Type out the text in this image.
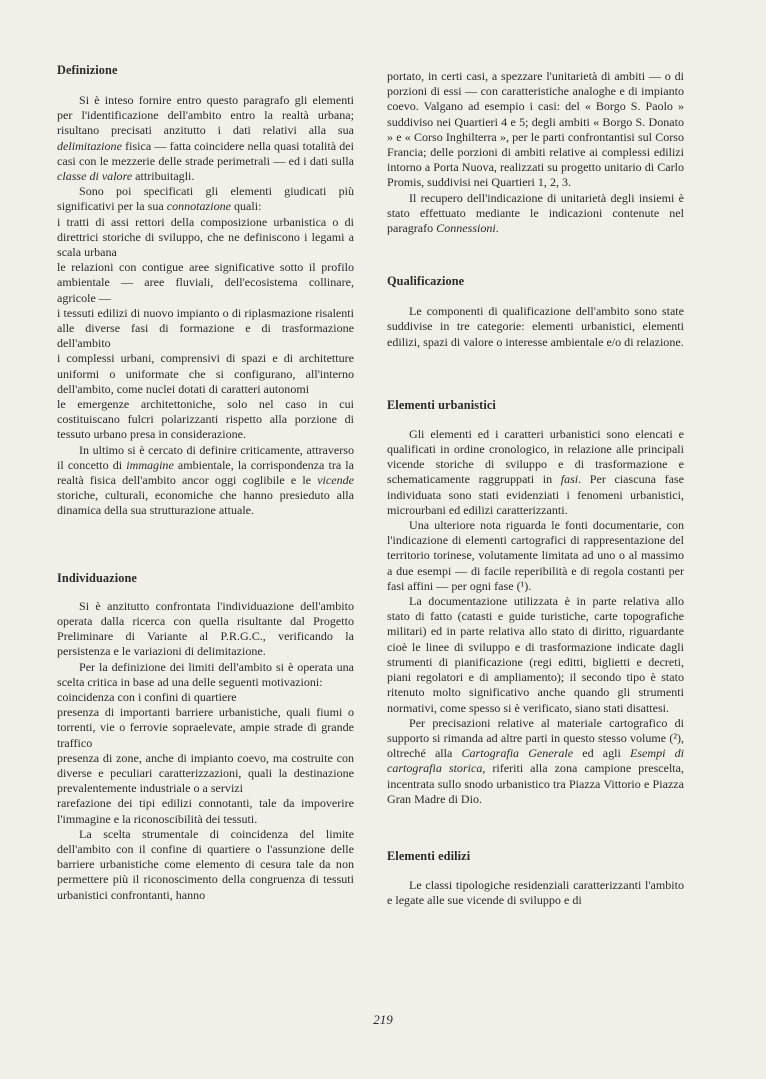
Definizione

Si è inteso fornire entro questo paragrafo gli elementi per l'identificazione dell'ambito entro la realtà urbana; risultano precisati anzitutto i dati relativi alla sua delimitazione fisica — fatta coincidere nella quasi totalità dei casi con le mezzerie delle strade perimetrali — ed i dati sulla classe di valore attribuitagli.

Sono poi specificati gli elementi giudicati più significativi per la sua connotazione quali:

i tratti di assi rettori della composizione urbanistica o di direttrici storiche di sviluppo, che ne definiscono i legami a scala urbana

le relazioni con contigue aree significative sotto il profilo ambientale — aree fluviali, dell'ecosistema collinare, agricole —

i tessuti edilizi di nuovo impianto o di riplasmazione risalenti alle diverse fasi di formazione e di trasformazione dell'ambito

i complessi urbani, comprensivi di spazi e di architetture uniformi o uniformate che si configurano, all'interno dell'ambito, come nuclei dotati di caratteri autonomi

le emergenze architettoniche, solo nel caso in cui costituiscano fulcri polarizzanti rispetto alla porzione di tessuto urbano presa in considerazione.

In ultimo si è cercato di definire criticamente, attraverso il concetto di immagine ambientale, la corrispondenza tra la realtà fisica dell'ambito ancor oggi coglibile e le vicende storiche, culturali, economiche che hanno presieduto alla dinamica della sua strutturazione attuale.

Individuazione

Si è anzitutto confrontata l'individuazione dell'ambito operata dalla ricerca con quella risultante dal Progetto Preliminare di Variante al P.R.G.C., verificando la persistenza e le variazioni di delimitazione.

Per la definizione dei limiti dell'ambito si è operata una scelta critica in base ad una delle seguenti motivazioni:

coincidenza con i confini di quartiere

presenza di importanti barriere urbanistiche, quali fiumi o torrenti, vie o ferrovie sopraelevate, ampie strade di grande traffico

presenza di zone, anche di impianto coevo, ma costruite con diverse e peculiari caratterizzazioni, quali la destinazione prevalentemente industriale o a servizi

rarefazione dei tipi edilizi connotanti, tale da impoverire l'immagine e la riconoscibilità dei tessuti.

La scelta strumentale di coincidenza del limite dell'ambito con il confine di quartiere o l'assunzione delle barriere urbanistiche come elemento di cesura tale da non permettere più il riconoscimento della congruenza di tessuti urbanistici confrontanti, hanno

portato, in certi casi, a spezzare l'unitarietà di ambiti — o di porzioni di essi — con caratteristiche analoghe e di impianto coevo. Valgano ad esempio i casi: del « Borgo S. Paolo » suddiviso nei Quartieri 4 e 5; degli ambiti « Borgo S. Donato » e « Corso Inghilterra », per le parti confrontantisi sul Corso Francia; delle porzioni di ambiti relative ai complessi edilizi intorno a Porta Nuova, realizzati su progetto unitario di Carlo Promis, suddivisi nei Quartieri 1, 2, 3.

Il recupero dell'indicazione di unitarietà degli insiemi è stato effettuato mediante le indicazioni contenute nel paragrafo Connessioni.

Qualificazione

Le componenti di qualificazione dell'ambito sono state suddivise in tre categorie: elementi urbanistici, elementi edilizi, spazi di valore o interesse ambientale e/o di relazione.

Elementi urbanistici

Gli elementi ed i caratteri urbanistici sono elencati e qualificati in ordine cronologico, in relazione alle principali vicende storiche di sviluppo e di trasformazione e schematicamente raggruppati in fasi. Per ciascuna fase individuata sono stati evidenziati i fenomeni urbanistici, microurbani ed edilizi caratterizzanti.

Una ulteriore nota riguarda le fonti documentarie, con l'indicazione di elementi cartografici di rappresentazione del territorio torinese, volutamente limitata ad uno o al massimo a due esempi — di facile reperibilità e di regola costanti per fasi affini — per ogni fase (¹).

La documentazione utilizzata è in parte relativa allo stato di fatto (catasti e guide turistiche, carte topografiche militari) ed in parte relativa allo stato di diritto, riguardante cioè le linee di sviluppo e di trasformazione indicate dagli strumenti di pianificazione (regi editti, biglietti e decreti, piani regolatori e di ampliamento); il secondo tipo è stato ritenuto molto significativo anche quando gli strumenti normativi, come spesso si è verificato, siano stati disattesi.

Per precisazioni relative al materiale cartografico di supporto si rimanda ad altre parti in questo stesso volume (²), oltreché alla Cartografia Generale ed agli Esempi di cartografia storica, riferiti alla zona campione prescelta, incentrata sullo snodo urbanistico tra Piazza Vittorio e Piazza Gran Madre di Dio.

Elementi edilizi

Le classi tipologiche residenziali caratterizzanti l'ambito e legate alle sue vicende di sviluppo e di

219
